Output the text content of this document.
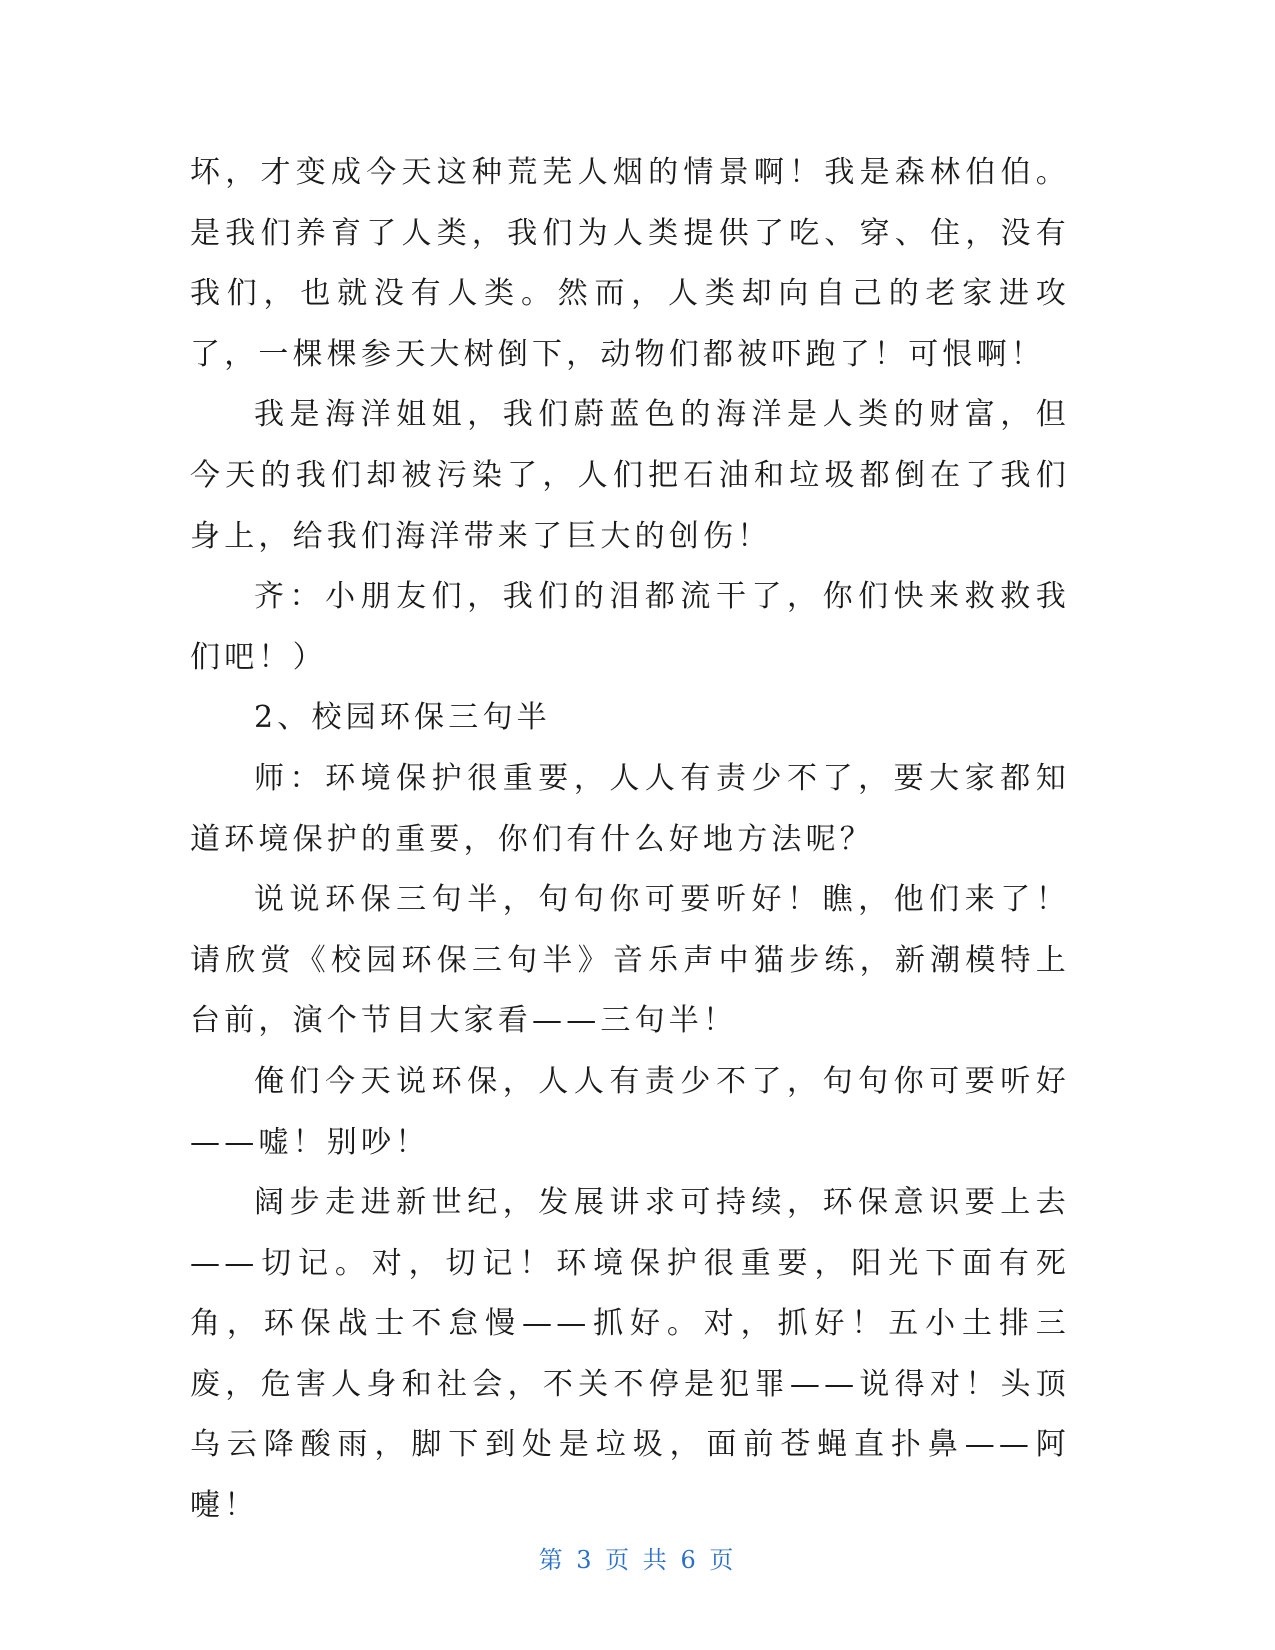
坏，才变成今天这种荒芜人烟的情景啊！我是森林伯伯。是我们养育了人类，我们为人类提供了吃、穿、住，没有我们，也就没有人类。然而，人类却向自己的老家进攻了，一棵棵参天大树倒下，动物们都被吓跑了！可恨啊！

我是海洋姐姐，我们蔚蓝色的海洋是人类的财富，但今天的我们却被污染了，人们把石油和垃圾都倒在了我们身上，给我们海洋带来了巨大的创伤！

齐：小朋友们，我们的泪都流干了，你们快来救救我们吧！）

2、校园环保三句半

师：环境保护很重要，人人有责少不了，要大家都知道环境保护的重要，你们有什么好地方法呢？

说说环保三句半，句句你可要听好！瞧，他们来了！请欣赏《校园环保三句半》音乐声中猫步练，新潮模特上台前，演个节目大家看——三句半！

俺们今天说环保，人人有责少不了，句句你可要听好——嘘！别吵！

阔步走进新世纪，发展讲求可持续，环保意识要上去——切记。对，切记！环境保护很重要，阳光下面有死角，环保战士不怠慢——抓好。对，抓好！五小土排三废，危害人身和社会，不关不停是犯罪——说得对！头顶乌云降酸雨，脚下到处是垃圾，面前苍蝇直扑鼻——阿嚏！

第 3 页 共 6 页
